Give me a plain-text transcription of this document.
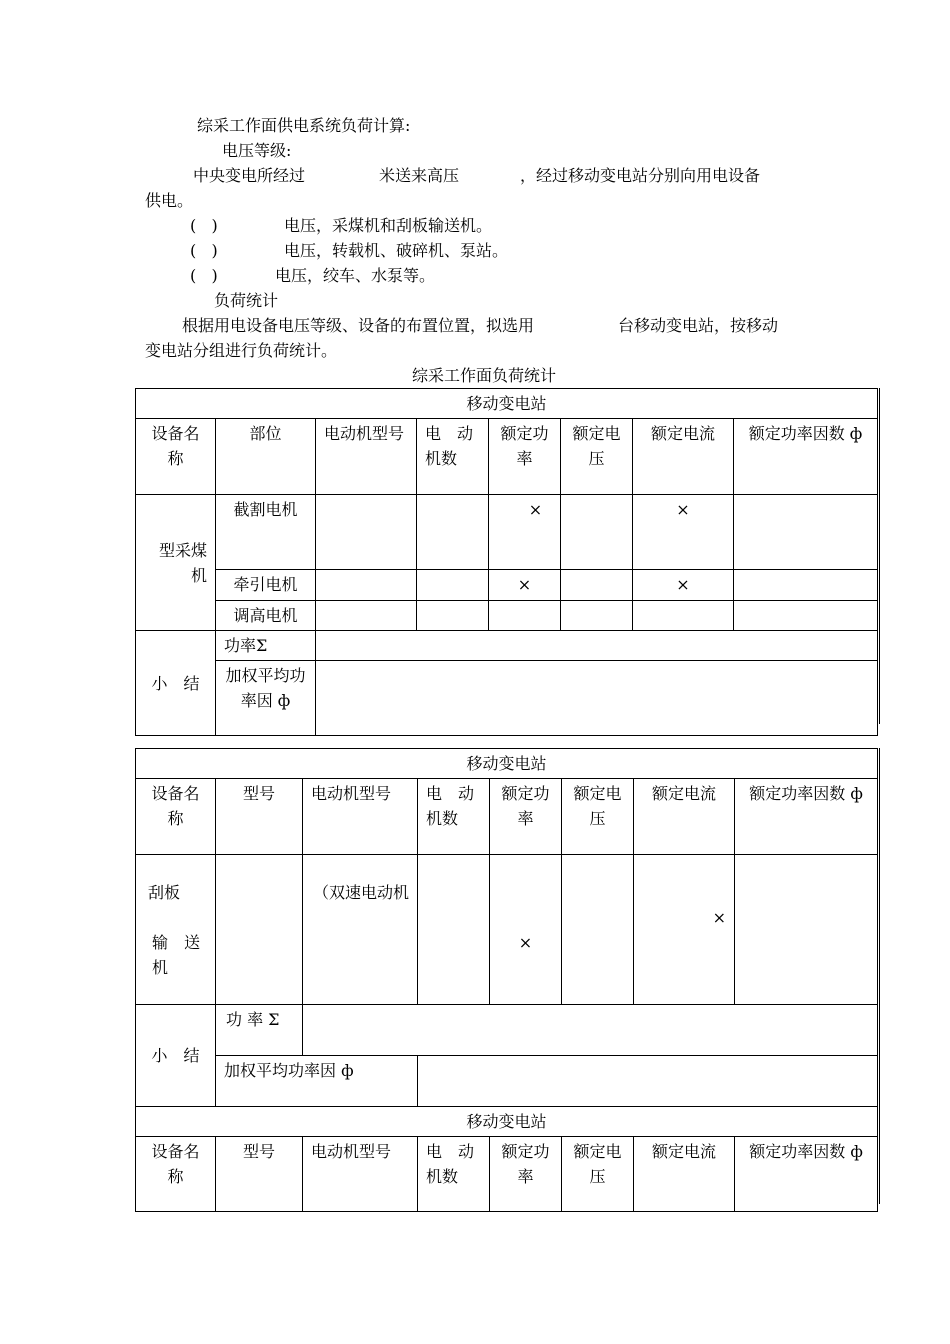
综采工作面供电系统负荷计算:
电压等级:
中央变电所经过	米送来高压	，经过移动变电站分别向用电设备
供电。
(   )	电压，采煤机和刮板输送机。
(   )	电压，转载机、破碎机、泵站。
(   )	电压，绞车、水泵等。
负荷统计
根据用电设备电压等级、设备的布置位置，拟选用	台移动变电站，按移动
变电站分组进行负荷统计。
综采工作面负荷统计
移动变电站							
设备名称	部位	电动机型号	电　动机数	额定功率	额定电压	额定电流	额定功率因数 ф
型采煤机	截割电机			×		×	
	牵引电机			×		×	
	调高电机						
小　结	功率Σ						
	加权平均功率因 ф						
移动变电站							
设备名称	型号	电动机型号	电　动机数	额定功率	额定电压	额定电流	额定功率因数 ф

刮板
输　送机		（双速电动机		×		×	
小　结	功 率 Σ						
	加权平均功率因 ф						
移动变电站							
设备名称	型号	电动机型号	电　动机数	额定功率	额定电压	额定电流	额定功率因数 ф
